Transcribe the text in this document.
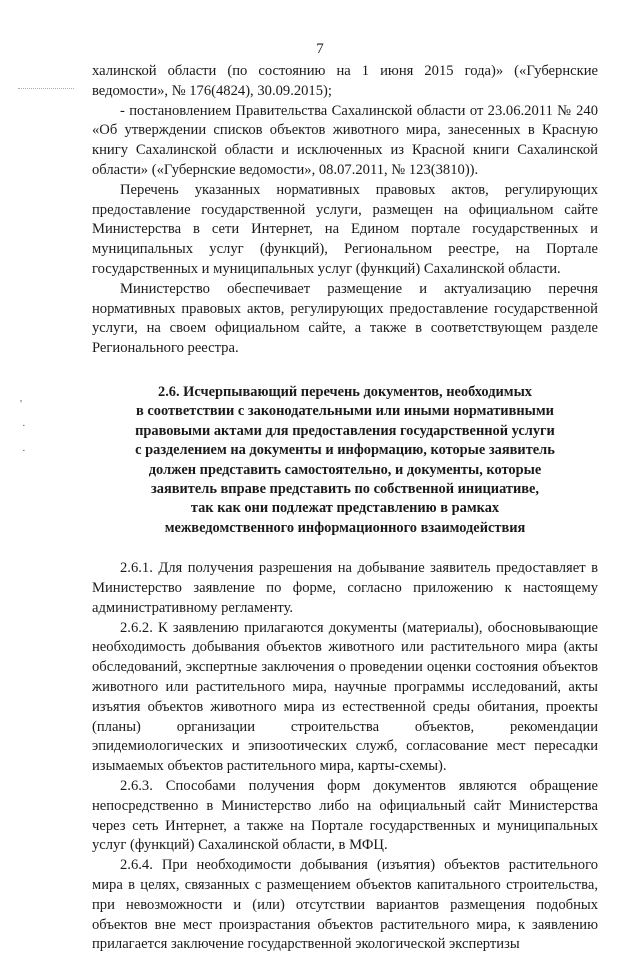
'
·
·
7

халинской области (по состоянию на 1 июня 2015 года)» («Губернские ведомости», № 176(4824), 30.09.2015);

- постановлением Правительства Сахалинской области от 23.06.2011 № 240 «Об утверждении списков объектов животного мира, занесенных в Красную книгу Сахалинской области и исключенных из Красной книги Сахалинской области» («Губернские ведомости», 08.07.2011, № 123(3810)).

Перечень указанных нормативных правовых актов, регулирующих предоставление государственной услуги, размещен на официальном сайте Министерства в сети Интернет, на Едином портале государственных и муниципальных услуг (функций), Региональном реестре, на Портале государственных и муниципальных услуг (функций) Сахалинской области.

Министерство обеспечивает размещение и актуализацию перечня нормативных правовых актов, регулирующих предоставление государственной услуги, на своем официальном сайте, а также в соответствующем разделе Регионального реестра.

2.6. Исчерпывающий перечень документов, необходимых
в соответствии с законодательными или иными нормативными
правовыми актами для предоставления государственной услуги
с разделением на документы и информацию, которые заявитель
должен представить самостоятельно, и документы, которые
заявитель вправе представить по собственной инициативе,
так как они подлежат представлению в рамках
межведомственного информационного взаимодействия

2.6.1. Для получения разрешения на добывание заявитель предоставляет в Министерство заявление по форме, согласно приложению к настоящему административному регламенту.

2.6.2. К заявлению прилагаются документы (материалы), обосновывающие необходимость добывания объектов животного или растительного мира (акты обследований, экспертные заключения о проведении оценки состояния объектов животного или растительного мира, научные программы исследований, акты изъятия объектов животного мира из естественной среды обитания, проекты (планы) организации строительства объектов, рекомендации эпидемиологических и эпизоотических служб, согласование мест пересадки изымаемых объектов растительного мира, карты-схемы).

2.6.3. Способами получения форм документов являются обращение непосредственно в Министерство либо на официальный сайт Министерства через сеть Интернет, а также на Портале государственных и муниципальных услуг (функций) Сахалинской области, в МФЦ.

2.6.4. При необходимости добывания (изъятия) объектов растительного мира в целях, связанных с размещением объектов капитального строительства, при невозможности и (или) отсутствии вариантов размещения подобных объектов вне мест произрастания объектов растительного мира, к заявлению прилагается заключение государственной экологической экспертизы
